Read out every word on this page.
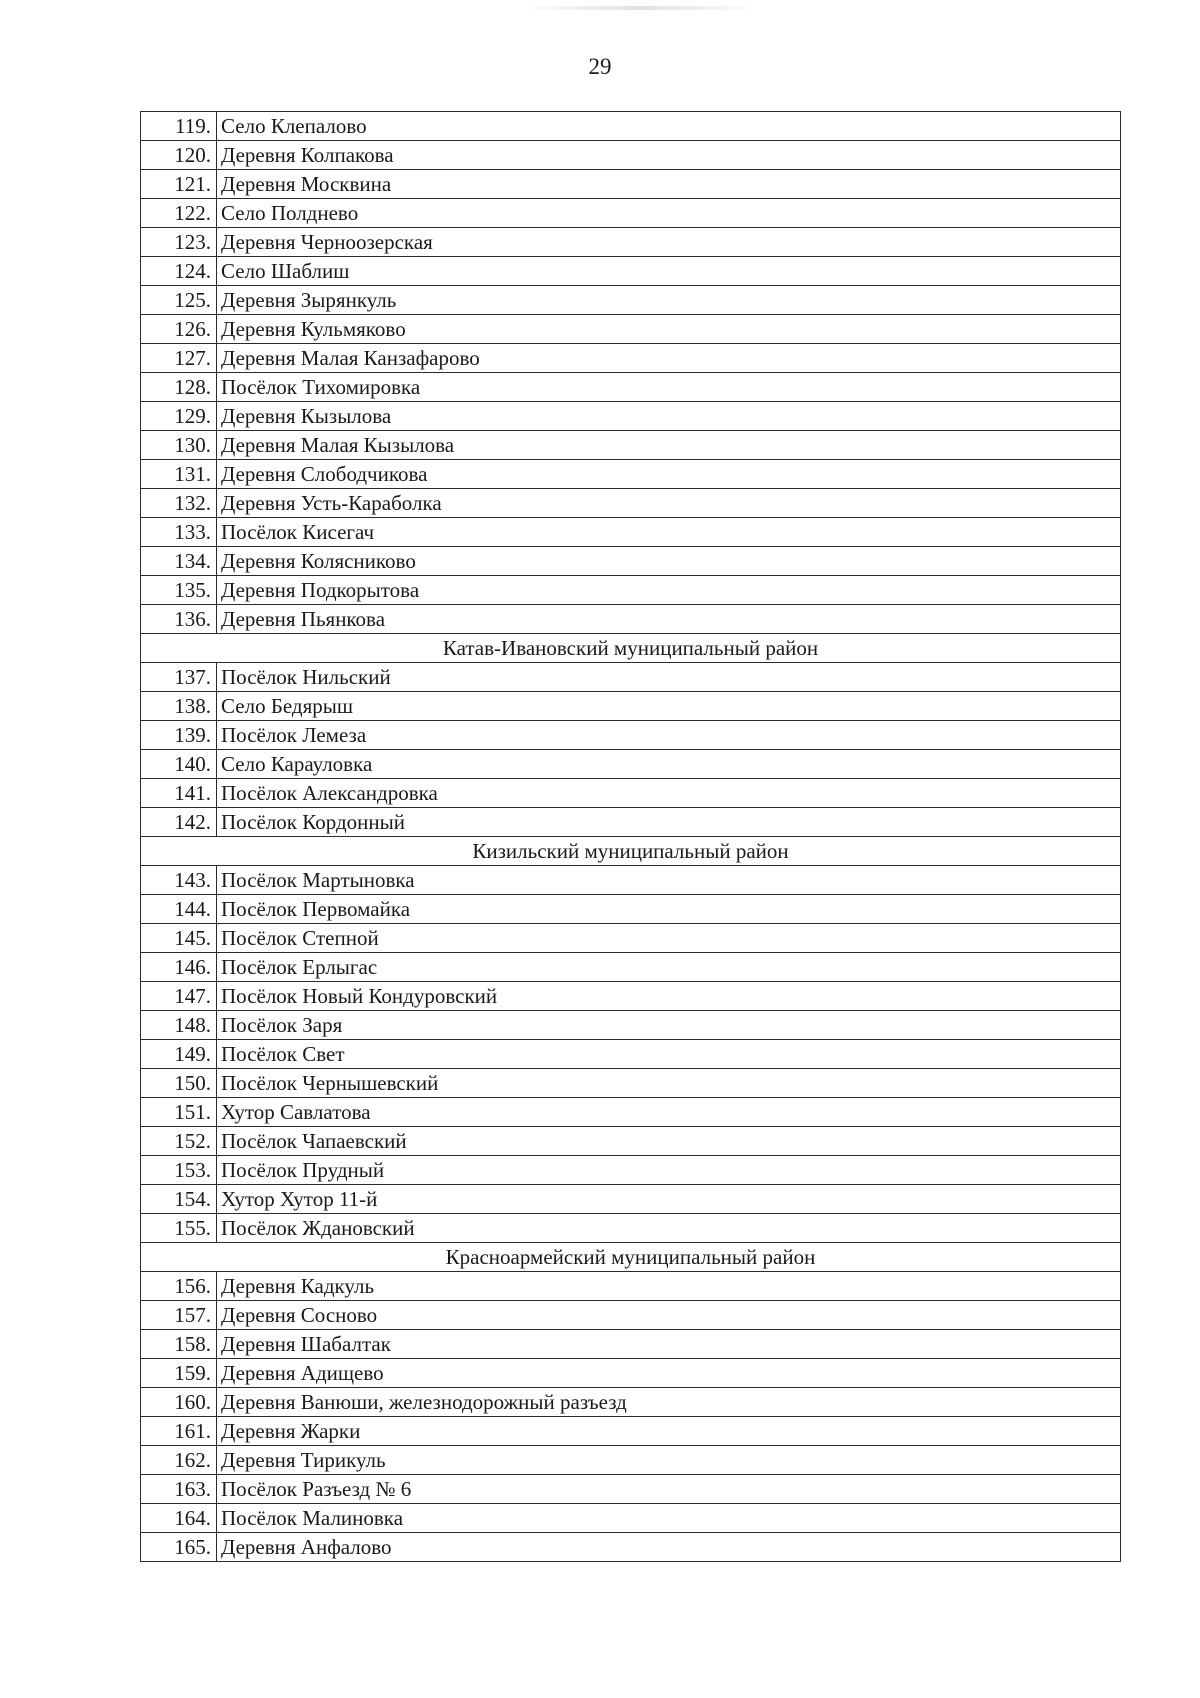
29
119.	Село Клепалово
120.	Деревня Колпакова
121.	Деревня Москвина
122.	Село Полднево
123.	Деревня Черноозерская
124.	Село Шаблиш
125.	Деревня Зырянкуль
126.	Деревня Кульмяково
127.	Деревня Малая Канзафарово
128.	Посёлок Тихомировка
129.	Деревня Кызылова
130.	Деревня Малая Кызылова
131.	Деревня Слободчикова
132.	Деревня Усть-Караболка
133.	Посёлок Кисегач
134.	Деревня Колясниково
135.	Деревня Подкорытова
136.	Деревня Пьянкова
Катав-Ивановский муниципальный район	
137.	Посёлок Нильский
138.	Село Бедярыш
139.	Посёлок Лемеза
140.	Село Карауловка
141.	Посёлок Александровка
142.	Посёлок Кордонный
Кизильский муниципальный район	
143.	Посёлок Мартыновка
144.	Посёлок Первомайка
145.	Посёлок Степной
146.	Посёлок Ерлыгас
147.	Посёлок Новый Кондуровский
148.	Посёлок Заря
149.	Посёлок Свет
150.	Посёлок Чернышевский
151.	Хутор Савлатова
152.	Посёлок Чапаевский
153.	Посёлок Прудный
154.	Хутор Хутор 11-й
155.	Посёлок Ждановский
Красноармейский муниципальный район	
156.	Деревня Кадкуль
157.	Деревня Сосново
158.	Деревня Шабалтак
159.	Деревня Адищево
160.	Деревня Ванюши, железнодорожный разъезд
161.	Деревня Жарки
162.	Деревня Тирикуль
163.	Посёлок Разъезд № 6
164.	Посёлок Малиновка
165.	Деревня Анфалово
